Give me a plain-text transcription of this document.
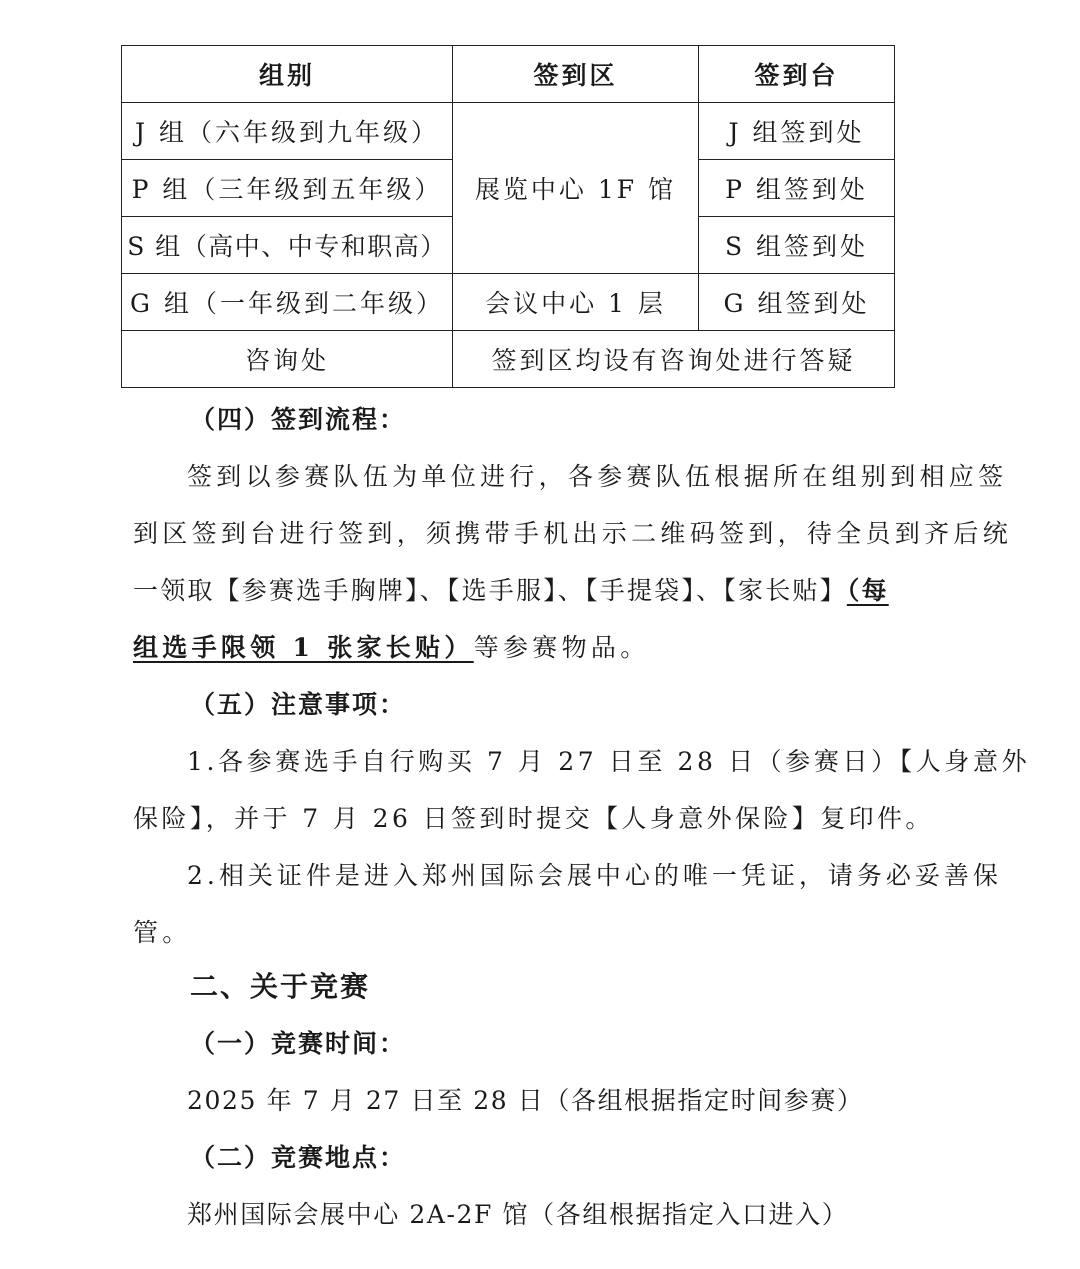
组别	签到区	签到台
J 组（六年级到九年级）	展览中心 1F 馆	J 组签到处
P 组（三年级到五年级）		P 组签到处
S 组（高中、中专和职高）		S 组签到处
G 组（一年级到二年级）	会议中心 1 层	G 组签到处
咨询处	签到区均设有咨询处进行答疑	
（四）签到流程：
签到以参赛队伍为单位进行，各参赛队伍根据所在组别到相应签
到区签到台进行签到，须携带手机出示二维码签到，待全员到齐后统
一领取【参赛选手胸牌】、【选手服】、【手提袋】、【家长贴】（每
组选手限领 1 张家长贴）等参赛物品。
（五）注意事项：
1.各参赛选手自行购买 7 月 27 日至 28 日（参赛日）【人身意外
保险】，并于 7 月 26 日签到时提交【人身意外保险】复印件。
2.相关证件是进入郑州国际会展中心的唯一凭证，请务必妥善保
管。
二、关于竞赛
（一）竞赛时间：
2025 年 7 月 27 日至 28 日（各组根据指定时间参赛）
（二）竞赛地点：
郑州国际会展中心 2A-2F 馆（各组根据指定入口进入）
